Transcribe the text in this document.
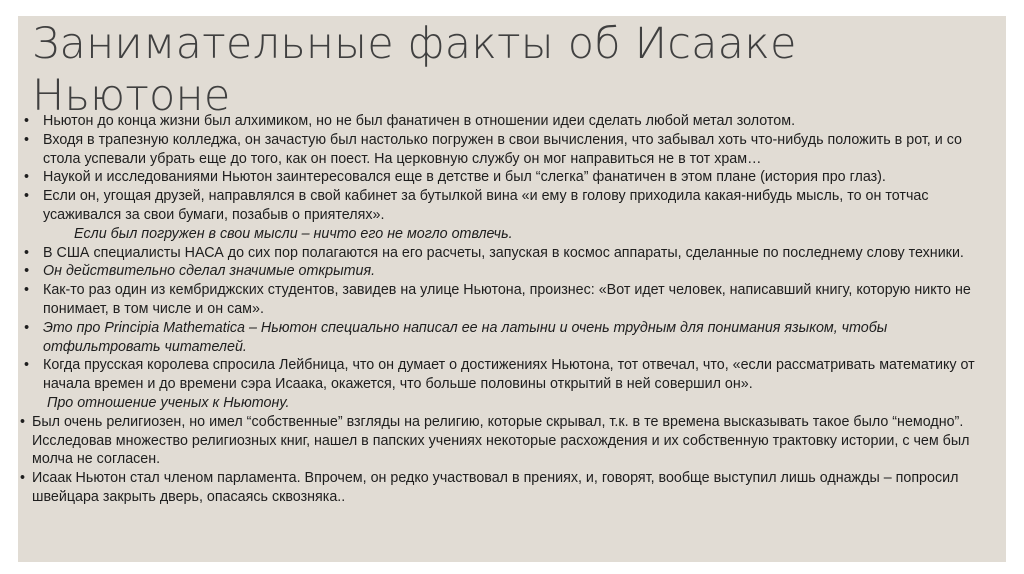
Занимательные факты об Исааке Ньютоне
• Ньютон до конца жизни был алхимиком, но не был фанатичен в отношении идеи сделать любой метал золотом.
• Входя в трапезную колледжа, он зачастую был настолько погружен в свои вычисления, что забывал хоть что-нибудь положить в рот, и со стола успевали убрать еще до того, как он поест. На церковную службу он мог направиться не в тот храм…
• Наукой и исследованиями Ньютон заинтересовался еще в детстве и был “слегка” фанатичен в этом плане (история про глаз).
• Если он, угощая друзей, направлялся в свой кабинет за бутылкой вина «и ему в голову приходила какая-нибудь мысль, то он тотчас усаживался за свои бумаги, позабыв о приятелях».
Если был погружен в свои мысли – ничто его не могло отвлечь.
• В США специалисты НАСА до сих пор полагаются на его расчеты, запуская в космос аппараты, сделанные по последнему слову техники.
• Он действительно сделал значимые открытия.
• Как-то раз один из кембриджских студентов, завидев на улице Ньютона, произнес: «Вот идет человек, написавший книгу, которую никто не понимает, в том числе и он сам».
• Это про Principia Mathematica – Ньютон специально написал ее на латыни и очень трудным для понимания языком, чтобы отфильтровать читателей.
• Когда прусская королева спросила Лейбница, что он думает о достижениях Ньютона, тот отвечал, что, «если рассматривать математику от начала времен и до времени сэра Исаака, окажется, что больше половины открытий в ней совершил он».
Про отношение ученых к Ньютону.
• Был очень религиозен, но имел “собственные” взгляды на религию, которые скрывал, т.к. в те времена высказывать такое было “немодно”. Исследовав множество религиозных книг, нашел в папских учениях некоторые расхождения и их собственную трактовку истории, с чем был молча не согласен.
• Исаак Ньютон стал членом парламента. Впрочем, он редко участвовал в прениях, и, говорят, вообще выступил лишь однажды – попросил швейцара закрыть дверь, опасаясь сквозняка..
